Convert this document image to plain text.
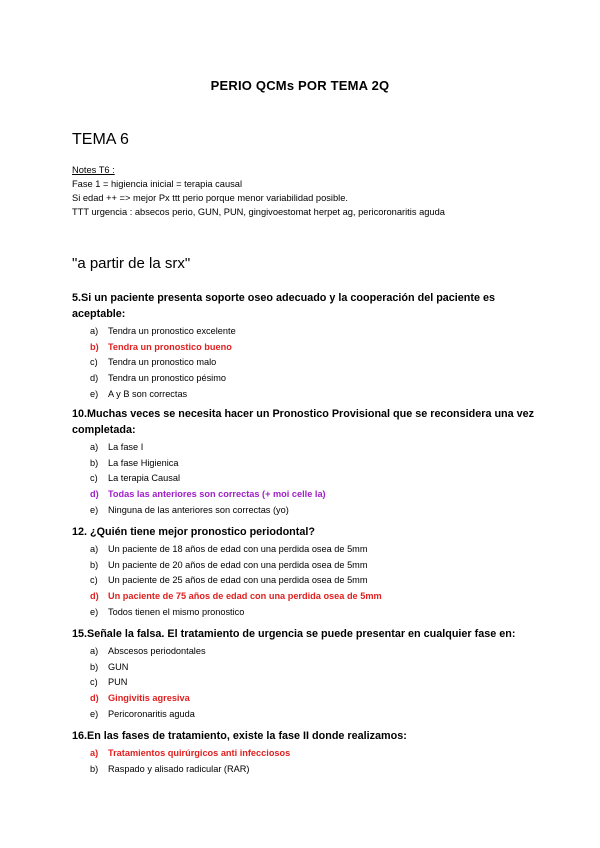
PERIO QCMs POR TEMA 2Q
TEMA 6
Notes T6 :
Fase 1 = higiencia inicial = terapia causal
Si edad ++ => mejor Px ttt perio porque menor variabilidad posible.
TTT urgencia : absecos perio, GUN, PUN, gingivoestomat herpet ag, pericoronaritis aguda
"a partir de la srx"
5.Si un paciente presenta soporte oseo adecuado y la cooperación del paciente es aceptable:
a) Tendra un pronostico excelente
b) Tendra un pronostico bueno
c) Tendra un pronostico malo
d) Tendra un pronostico pésimo
e) A y B son correctas
10.Muchas veces se necesita hacer un Pronostico Provisional que se reconsidera una vez completada:
a) La fase I
b) La fase Higienica
c) La terapia Causal
d) Todas las anteriores son correctas (+ moi celle la)
e) Ninguna de las anteriores son correctas (yo)
12. ¿Quién tiene mejor pronostico periodontal?
a) Un paciente de 18 años de edad con una perdida osea de 5mm
b) Un paciente de 20 años de edad con una perdida osea de 5mm
c) Un paciente de 25 años de edad con una perdida osea de 5mm
d) Un paciente de 75 años de edad con una perdida osea de 5mm
e) Todos tienen el mismo pronostico
15.Señale la falsa. El tratamiento de urgencia se puede presentar en cualquier fase en:
a) Abscesos periodontales
b) GUN
c) PUN
d) Gingivitis agresiva
e) Pericoronaritis aguda
16.En las fases de tratamiento, existe la fase II donde realizamos:
a) Tratamientos quirúrgicos anti infecciosos
b) Raspado y alisado radicular (RAR)
